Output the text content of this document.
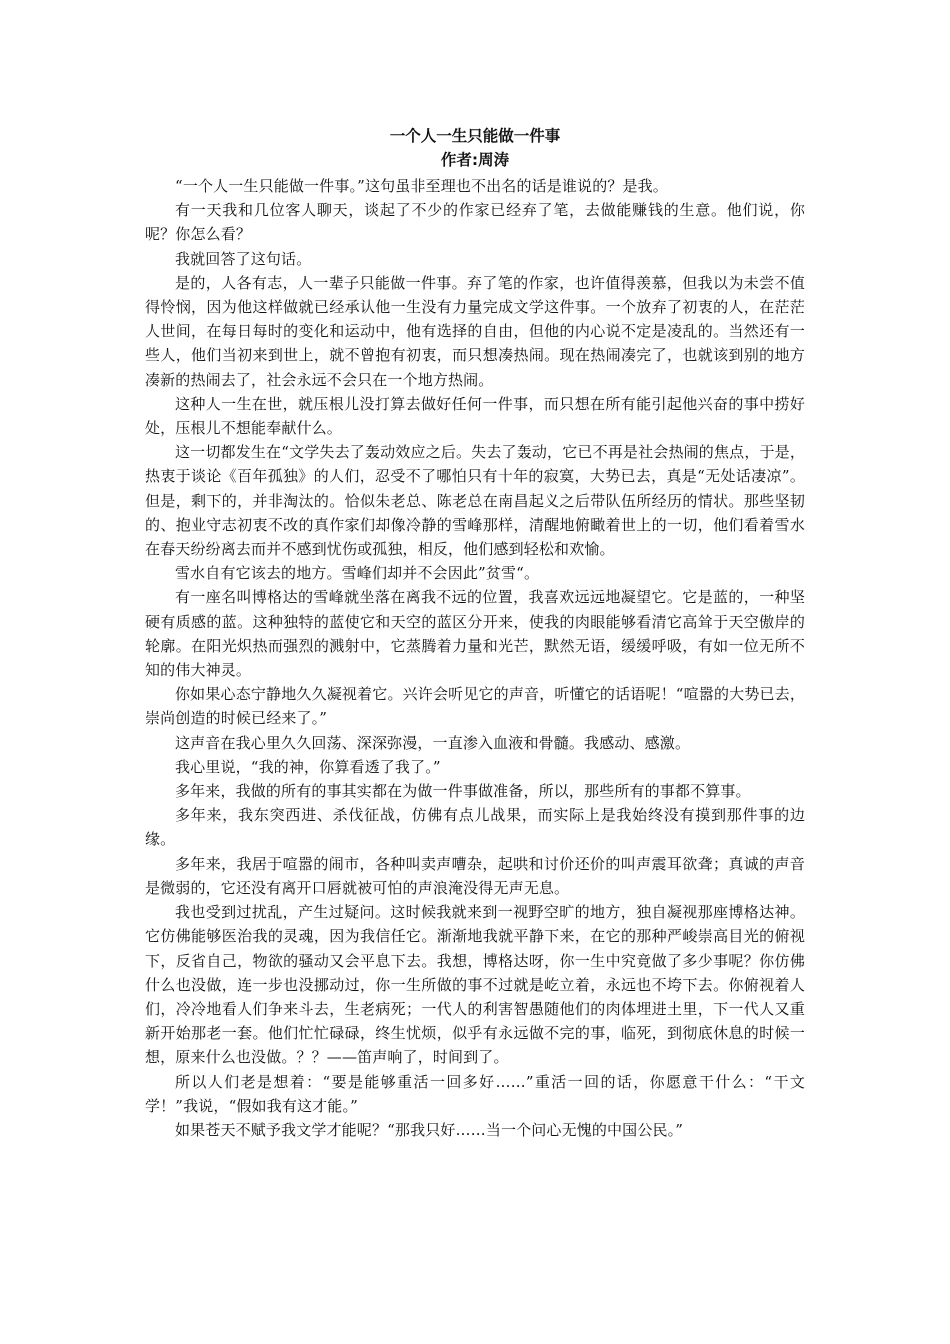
一个人一生只能做一件事

作者:周涛

“一个人一生只能做一件事。”这句虽非至理也不出名的话是谁说的？是我。

有一天我和几位客人聊天，谈起了不少的作家已经弃了笔，去做能赚钱的生意。他们说，你呢？你怎么看？

我就回答了这句话。

是的，人各有志，人一辈子只能做一件事。弃了笔的作家，也许值得羡慕，但我以为未尝不值得怜悯，因为他这样做就已经承认他一生没有力量完成文学这件事。一个放弃了初衷的人，在茫茫人世间，在每日每时的变化和运动中，他有选择的自由，但他的内心说不定是凌乱的。当然还有一些人，他们当初来到世上，就不曾抱有初衷，而只想凑热闹。现在热闹凑完了，也就该到别的地方凑新的热闹去了，社会永远不会只在一个地方热闹。

这种人一生在世，就压根儿没打算去做好任何一件事，而只想在所有能引起他兴奋的事中捞好处，压根儿不想能奉献什么。

这一切都发生在“文学失去了轰动效应之后。失去了轰动，它已不再是社会热闹的焦点，于是，热衷于谈论《百年孤独》的人们，忍受不了哪怕只有十年的寂寞，大势已去，真是“无处话凄凉”。但是，剩下的，并非淘汰的。恰似朱老总、陈老总在南昌起义之后带队伍所经历的情状。那些坚韧的、抱业守志初衷不改的真作家们却像冷静的雪峰那样，清醒地俯瞰着世上的一切，他们看着雪水在春天纷纷离去而并不感到忧伤或孤独，相反，他们感到轻松和欢愉。

雪水自有它该去的地方。雪峰们却并不会因此”贫雪“。

有一座名叫博格达的雪峰就坐落在离我不远的位置，我喜欢远远地凝望它。它是蓝的，一种坚硬有质感的蓝。这种独特的蓝使它和天空的蓝区分开来，使我的肉眼能够看清它高耸于天空傲岸的轮廓。在阳光炽热而强烈的溅射中，它蒸腾着力量和光芒，默然无语，缓缓呼吸，有如一位无所不知的伟大神灵。

你如果心态宁静地久久凝视着它。兴许会听见它的声音，听懂它的话语呢！“喧嚣的大势已去，崇尚创造的时候已经来了。”

这声音在我心里久久回荡、深深弥漫，一直渗入血液和骨髓。我感动、感激。

我心里说，“我的神，你算看透了我了。”

多年来，我做的所有的事其实都在为做一件事做准备，所以，那些所有的事都不算事。

多年来，我东突西进、杀伐征战，仿佛有点儿战果，而实际上是我始终没有摸到那件事的边缘。

多年来，我居于喧嚣的闹市，各种叫卖声嘈杂，起哄和讨价还价的叫声震耳欲聋；真诚的声音是微弱的，它还没有离开口唇就被可怕的声浪淹没得无声无息。

我也受到过扰乱，产生过疑问。这时候我就来到一视野空旷的地方，独自凝视那座博格达神。它仿佛能够医治我的灵魂，因为我信任它。渐渐地我就平静下来，在它的那种严峻崇高目光的俯视下，反省自己，物欲的骚动又会平息下去。我想，博格达呀，你一生中究竟做了多少事呢？你仿佛什么也没做，连一步也没挪动过，你一生所做的事不过就是屹立着，永远也不垮下去。你俯视着人们，冷冷地看人们争来斗去，生老病死；一代人的利害智愚随他们的肉体埋进土里，下一代人又重新开始那老一套。他们忙忙碌碌，终生忧烦，似乎有永远做不完的事，临死，到彻底休息的时候一想，原来什么也没做。？？——笛声响了，时间到了。

所以人们老是想着：“要是能够重活一回多好……”重活一回的话，你愿意干什么：“干文学！”我说，“假如我有这才能。”

如果苍天不赋予我文学才能呢？“那我只好……当一个问心无愧的中国公民。”
